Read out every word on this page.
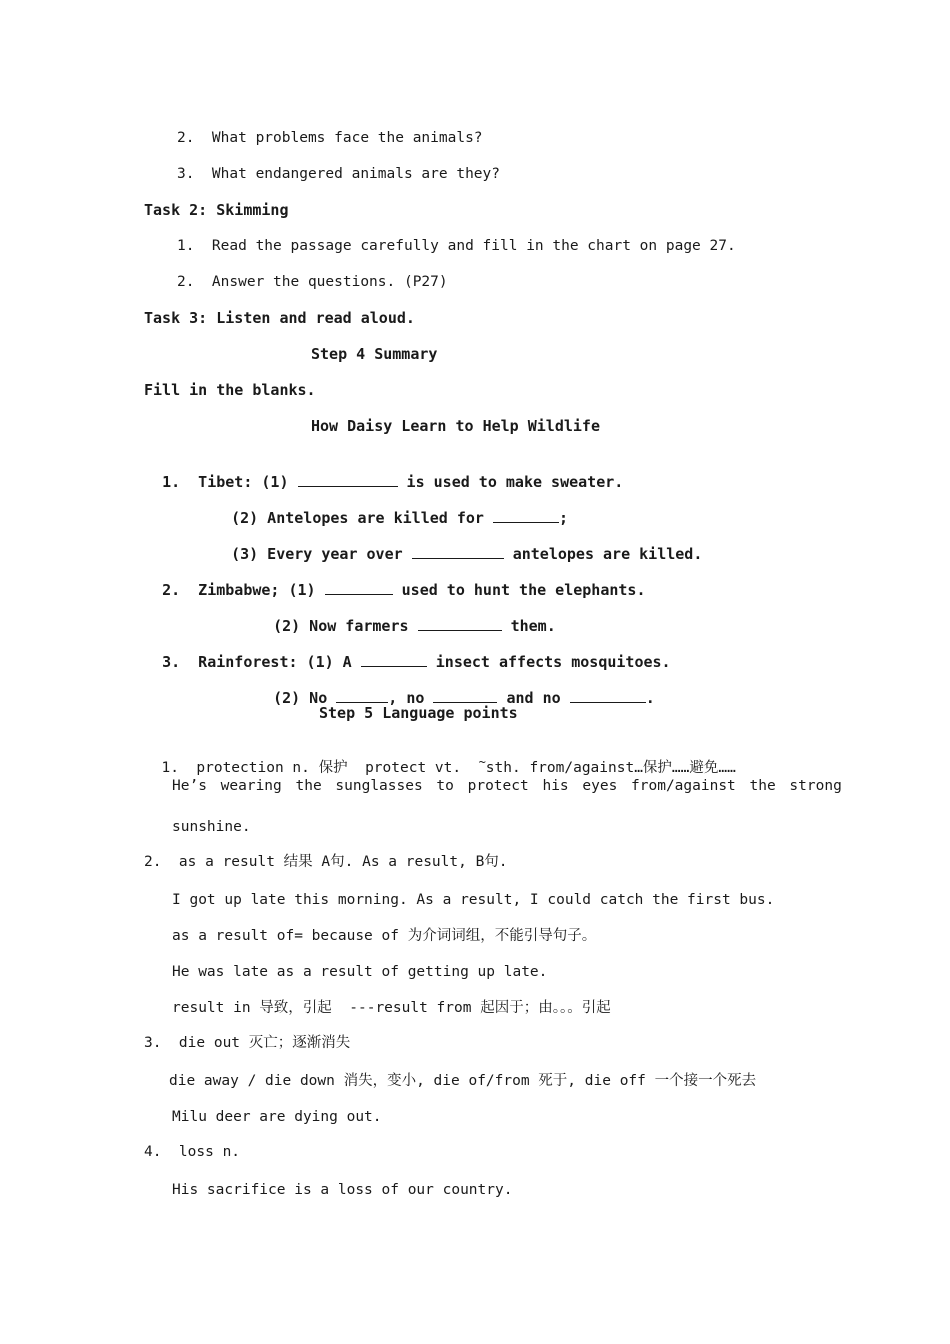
2.  What problems face the animals?
3.  What endangered animals are they?
Task 2: Skimming
1.  Read the passage carefully and fill in the chart on page 27.
2.  Answer the questions. (P27)
Task 3: Listen and read aloud.
Step 4 Summary
Fill in the blanks.
How Daisy Learn to Help Wildlife

1.  Tibet: (1)	is used to make sweater.

(2) Antelopes are killed for	;

(3) Every year over	antelopes are killed.

2.  Zimbabwe; (1)	used to hunt the elephants.

(2) Now farmers	them.

3.  Rainforest: (1) A	insect affects mosquitoes.

(2) No	, no	and no	.

Step 5 Language points

1.  protection n. 保护  protect vt.  ~sth. from/against…保护……避免……

He’s wearing the sunglasses to protect his eyes from/against the strong
sunshine.
2.  as a result 结果 A句. As a result, B句.
I got up late this morning. As a result, I could catch the first bus.
as a result of= because of 为介词词组，不能引导句子。
He was late as a result of getting up late.
result in 导致，引起  ---result from 起因于；由。。。引起
3.  die out 灭亡；逐渐消失
die away / die down 消失，变小, die of/from 死于, die off 一个接一个死去
Milu deer are dying out.
4.  loss n.
His sacrifice is a loss of our country.
